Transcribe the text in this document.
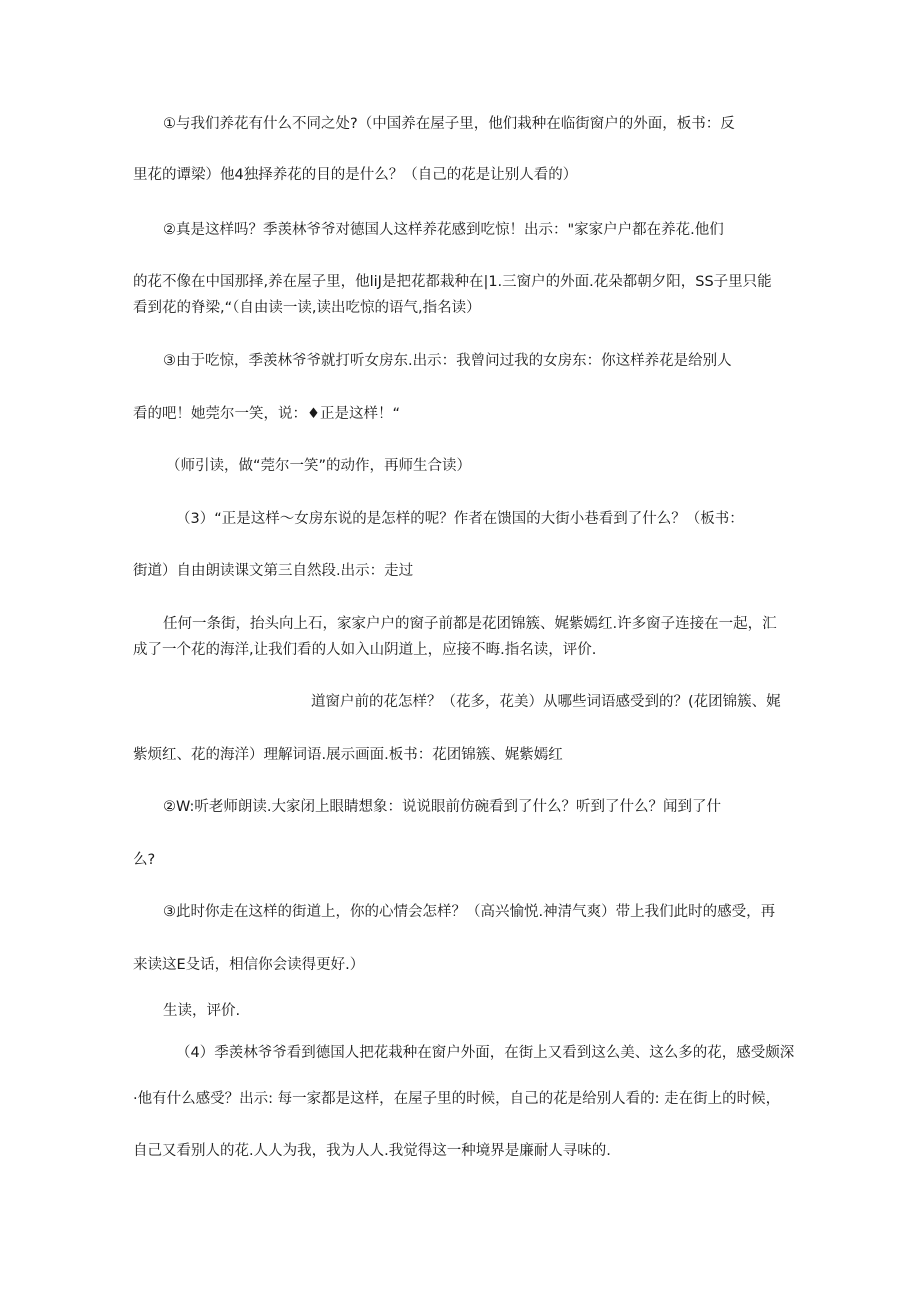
①与我们养花有什么不同之处?（中国养在屋子里，他们栽种在临街窗户的外面，板书：反
里花的谭梁）他4独择养花的目的是什么？（自己的花是让别人看的）
②真是这样吗？季羡林爷爷对德国人这样养花感到吃惊！出示："家家户户都在养花.他们
的花不像在中国那择,养在屋子里，他liJ是把花都栽种在|1.三窗户的外面.花朵都朝夕阳，SS子里只能
看到花的脊梁,“（自由读一读,读出吃惊的语气,指名读）
③由于吃惊，季羡林爷爷就打听女房东.出示：我曾问过我的女房东：你这样养花是给别人
看的吧！她莞尔一笑，说：♦正是这样！“
（师引读，做“莞尔一笑”的动作，再师生合读）
（3）“正是这样〜女房东说的是怎样的呢？作者在馈国的大街小巷看到了什么？（板书：
街道）自由朗读课文第三自然段.出示：走过
任何一条街，抬头向上石，家家户户的窗子前都是花团锦簇、娓紫嫣红.许多窗子连接在一起，汇
成了一个花的海洋,让我们看的人如入山阴道上，应接不晦.指名读，评价.
道窗户前的花怎样？（花多，花美）从哪些词语感受到的？(花团锦簇、娓
紫烦红、花的海洋）理解词语.展示画面.板书：花团锦簇、娓紫嫣红
②W:听老师朗读.大家闭上眼睛想象：说说眼前仿碗看到了什么？听到了什么？闻到了什
么?
③此时你走在这样的街道上，你的心情会怎样？（高兴愉悦.神清气爽）带上我们此时的感受，再
来读这E殳话，相信你会读得更好.）
生读，评价.
（4）季羡林爷爷看到德国人把花栽种在窗户外面，在街上又看到这么美、这么多的花，感受颇深
·他有什么感受？出示: 每一家都是这样，在屋子里的时候，自己的花是给别人看的: 走在街上的时候，
自己又看别人的花.人人为我，我为人人.我觉得这一种境界是廉耐人寻味的.
